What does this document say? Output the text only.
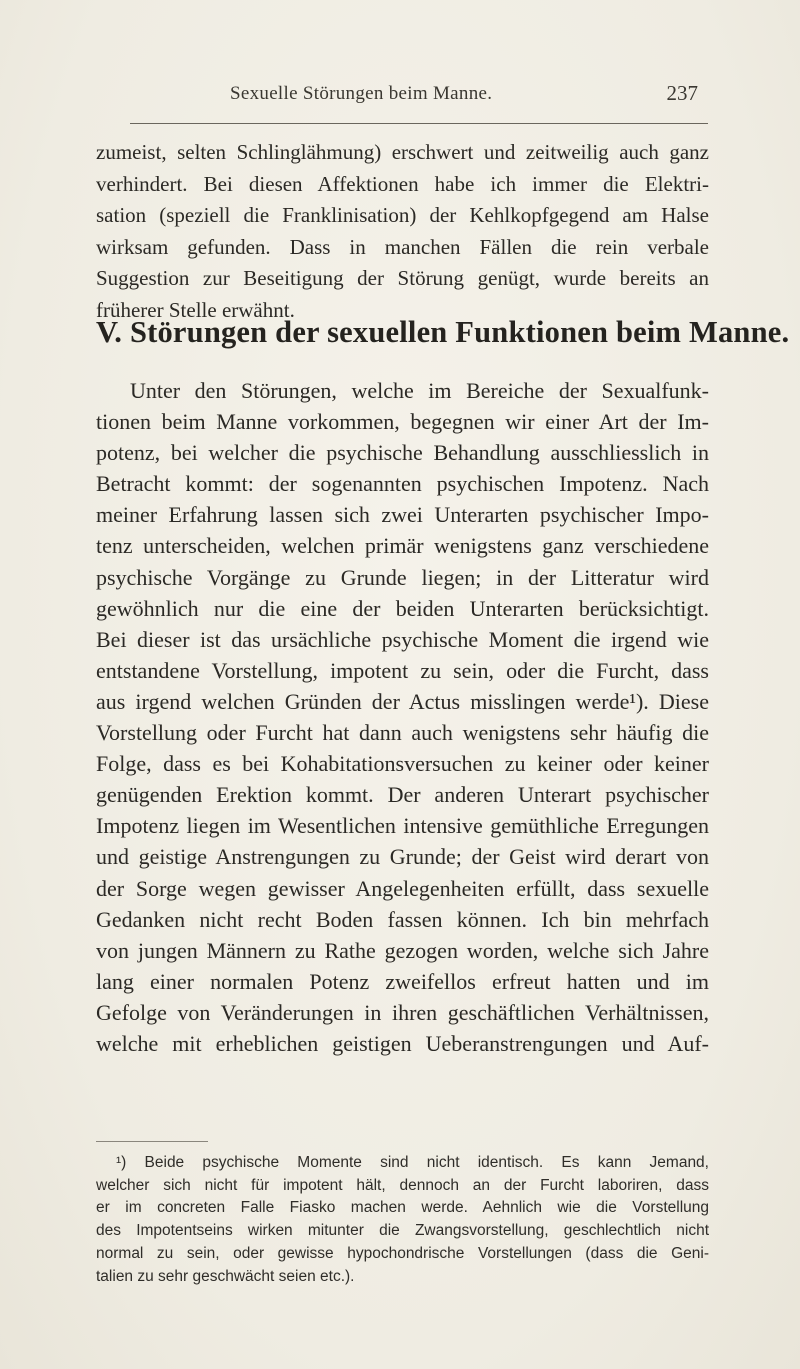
Sexuelle Störungen beim Manne.	237
zumeist, selten Schlinglähmung) erschwert und zeitweilig auch ganz
verhindert. Bei diesen Affektionen habe ich immer die Elektri-
sation (speziell die Franklinisation) der Kehlkopfgegend am Halse
wirksam gefunden. Dass in manchen Fällen die rein verbale
Suggestion zur Beseitigung der Störung genügt, wurde bereits an
früherer Stelle erwähnt.
V. Störungen der sexuellen Funktionen beim Manne.
Unter den Störungen, welche im Bereiche der Sexualfunk-
tionen beim Manne vorkommen, begegnen wir einer Art der Im-
potenz, bei welcher die psychische Behandlung ausschliesslich in
Betracht kommt: der sogenannten psychischen Impotenz. Nach
meiner Erfahrung lassen sich zwei Unterarten psychischer Impo-
tenz unterscheiden, welchen primär wenigstens ganz verschiedene
psychische Vorgänge zu Grunde liegen; in der Litteratur wird
gewöhnlich nur die eine der beiden Unterarten berücksichtigt.
Bei dieser ist das ursächliche psychische Moment die irgend wie
entstandene Vorstellung, impotent zu sein, oder die Furcht, dass
aus irgend welchen Gründen der Actus misslingen werde¹). Diese
Vorstellung oder Furcht hat dann auch wenigstens sehr häufig die
Folge, dass es bei Kohabitationsversuchen zu keiner oder keiner
genügenden Erektion kommt. Der anderen Unterart psychischer
Impotenz liegen im Wesentlichen intensive gemüthliche Erregungen
und geistige Anstrengungen zu Grunde; der Geist wird derart von
der Sorge wegen gewisser Angelegenheiten erfüllt, dass sexuelle
Gedanken nicht recht Boden fassen können. Ich bin mehrfach
von jungen Männern zu Rathe gezogen worden, welche sich Jahre
lang einer normalen Potenz zweifellos erfreut hatten und im
Gefolge von Veränderungen in ihren geschäftlichen Verhältnissen,
welche mit erheblichen geistigen Ueberanstrengungen und Auf-
¹) Beide psychische Momente sind nicht identisch. Es kann Jemand,
welcher sich nicht für impotent hält, dennoch an der Furcht laboriren, dass
er im concreten Falle Fiasko machen werde. Aehnlich wie die Vorstellung
des Impotentseins wirken mitunter die Zwangsvorstellung, geschlechtlich nicht
normal zu sein, oder gewisse hypochondrische Vorstellungen (dass die Geni-
talien zu sehr geschwächt seien etc.).
